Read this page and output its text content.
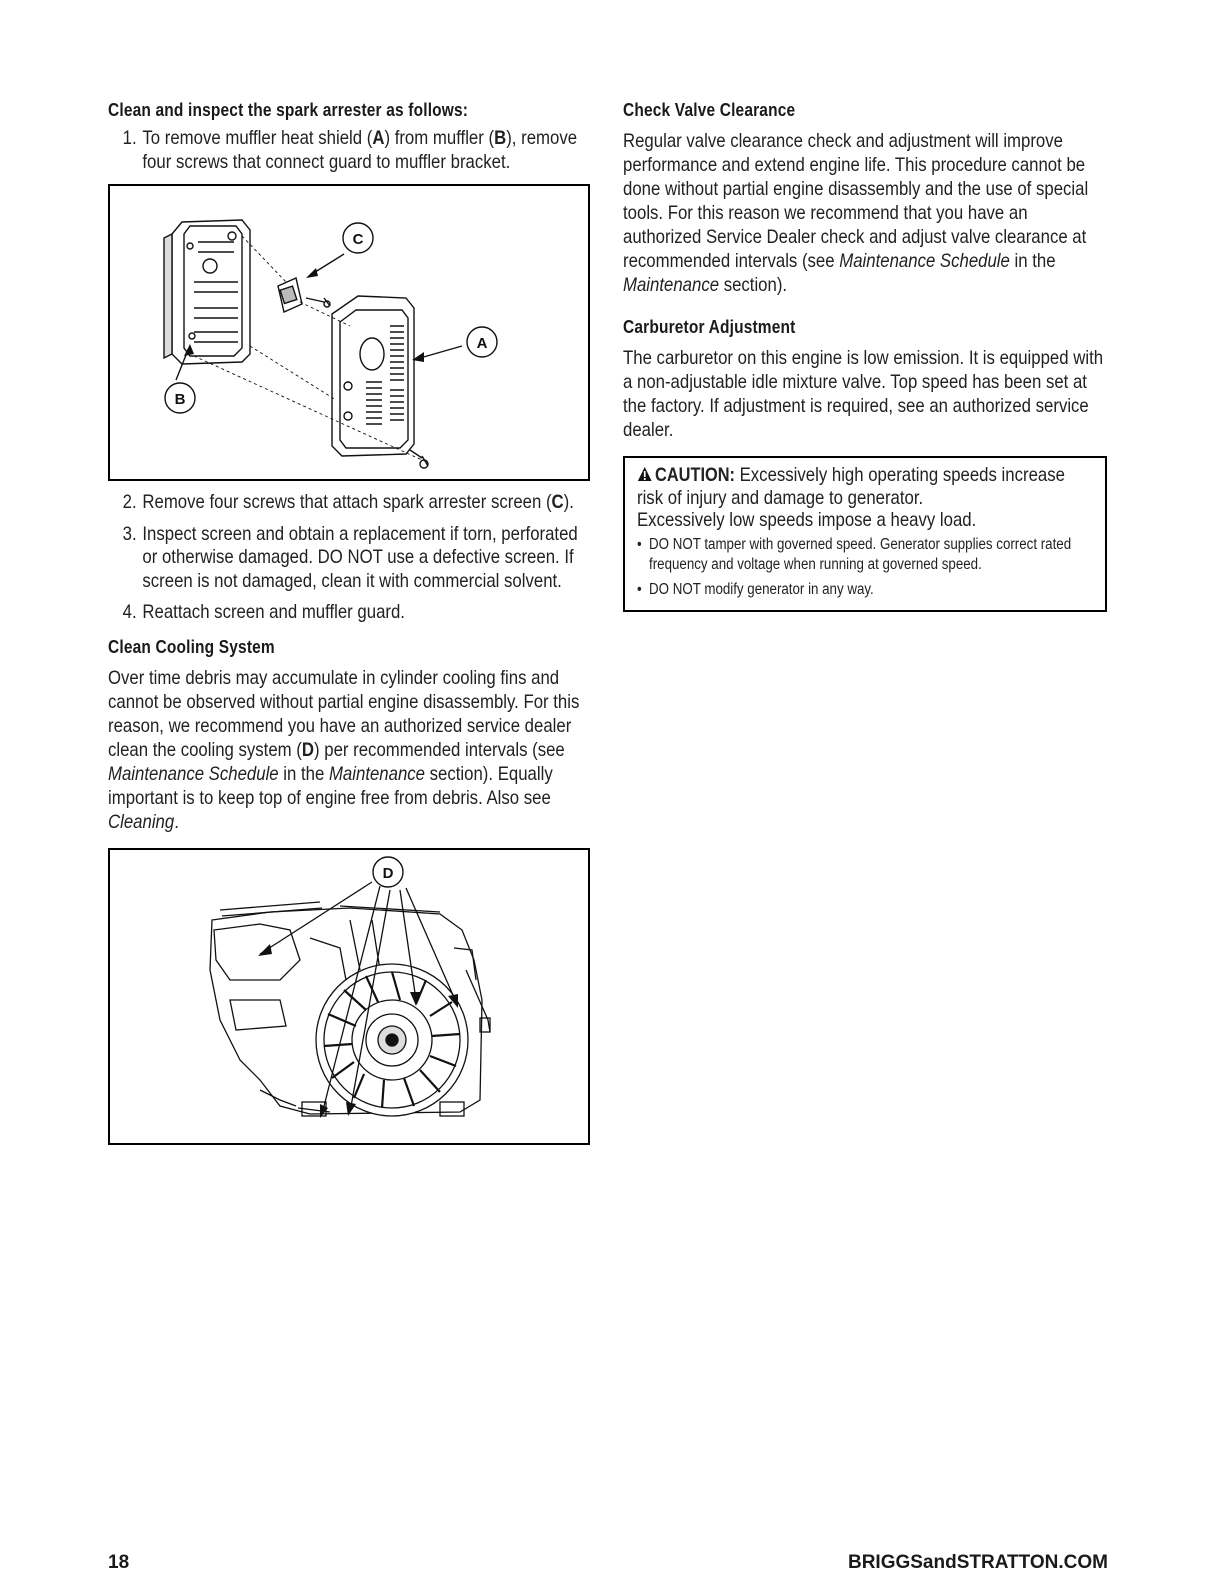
Clean and inspect the spark arrester as follows:
1. To remove muffler heat shield (A) from muffler (B), remove four screws that connect guard to muffler bracket.
C
A
B
2. Remove four screws that attach spark arrester screen (C).
3. Inspect screen and obtain a replacement if torn, perforated or otherwise damaged. DO NOT use a defective screen. If screen is not damaged, clean it with commercial solvent.
4. Reattach screen and muffler guard.
Clean Cooling System

Over time debris may accumulate in cylinder cooling fins and cannot be observed without partial engine disassembly. For this reason, we recommend you have an authorized service dealer clean the cooling system (D) per recommended intervals (see Maintenance Schedule in the Maintenance section). Equally important is to keep top of engine free from debris. Also see Cleaning.

D
Check Valve Clearance

Regular valve clearance check and adjustment will improve performance and extend engine life. This procedure cannot be done without partial engine disassembly and the use of special tools. For this reason we recommend that you have an authorized Service Dealer check and adjust valve clearance at recommended intervals (see Maintenance Schedule in the Maintenance section).

Carburetor Adjustment

The carburetor on this engine is low emission. It is equipped with a non-adjustable idle mixture valve. Top speed has been set at the factory. If adjustment is required, see an authorized service dealer.

CAUTION: Excessively high operating speeds increase risk of injury and damage to generator.
Excessively low speeds impose a heavy load.
• DO NOT tamper with governed speed. Generator supplies correct rated frequency and voltage when running at governed speed.
• DO NOT modify generator in any way.
18	BRIGGSandSTRATTON.COM
